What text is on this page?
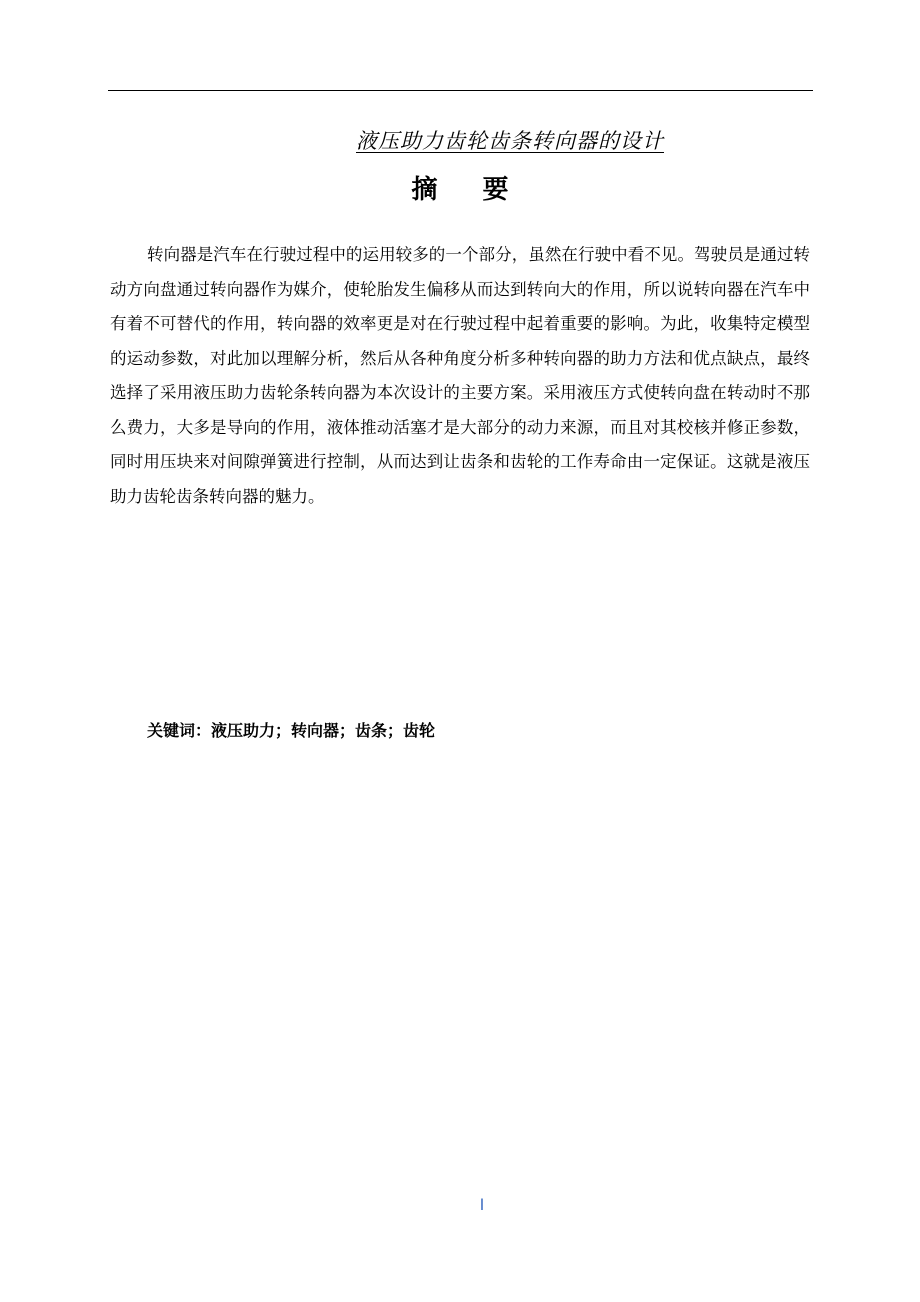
液压助力齿轮齿条转向器的设计
摘 要

转向器是汽车在行驶过程中的运用较多的一个部分，虽然在行驶中看不见。驾驶员是通过转动方向盘通过转向器作为媒介，使轮胎发生偏移从而达到转向大的作用，所以说转向器在汽车中有着不可替代的作用，转向器的效率更是对在行驶过程中起着重要的影响。为此，收集特定模型的运动参数，对此加以理解分析，然后从各种角度分析多种转向器的助力方法和优点缺点，最终选择了采用液压助力齿轮条转向器为本次设计的主要方案。采用液压方式使转向盘在转动时不那么费力，大多是导向的作用，液体推动活塞才是大部分的动力来源，而且对其校核并修正参数，同时用压块来对间隙弹簧进行控制，从而达到让齿条和齿轮的工作寿命由一定保证。这就是液压助力齿轮齿条转向器的魅力。

关键词：液压助力；转向器；齿条；齿轮
I
